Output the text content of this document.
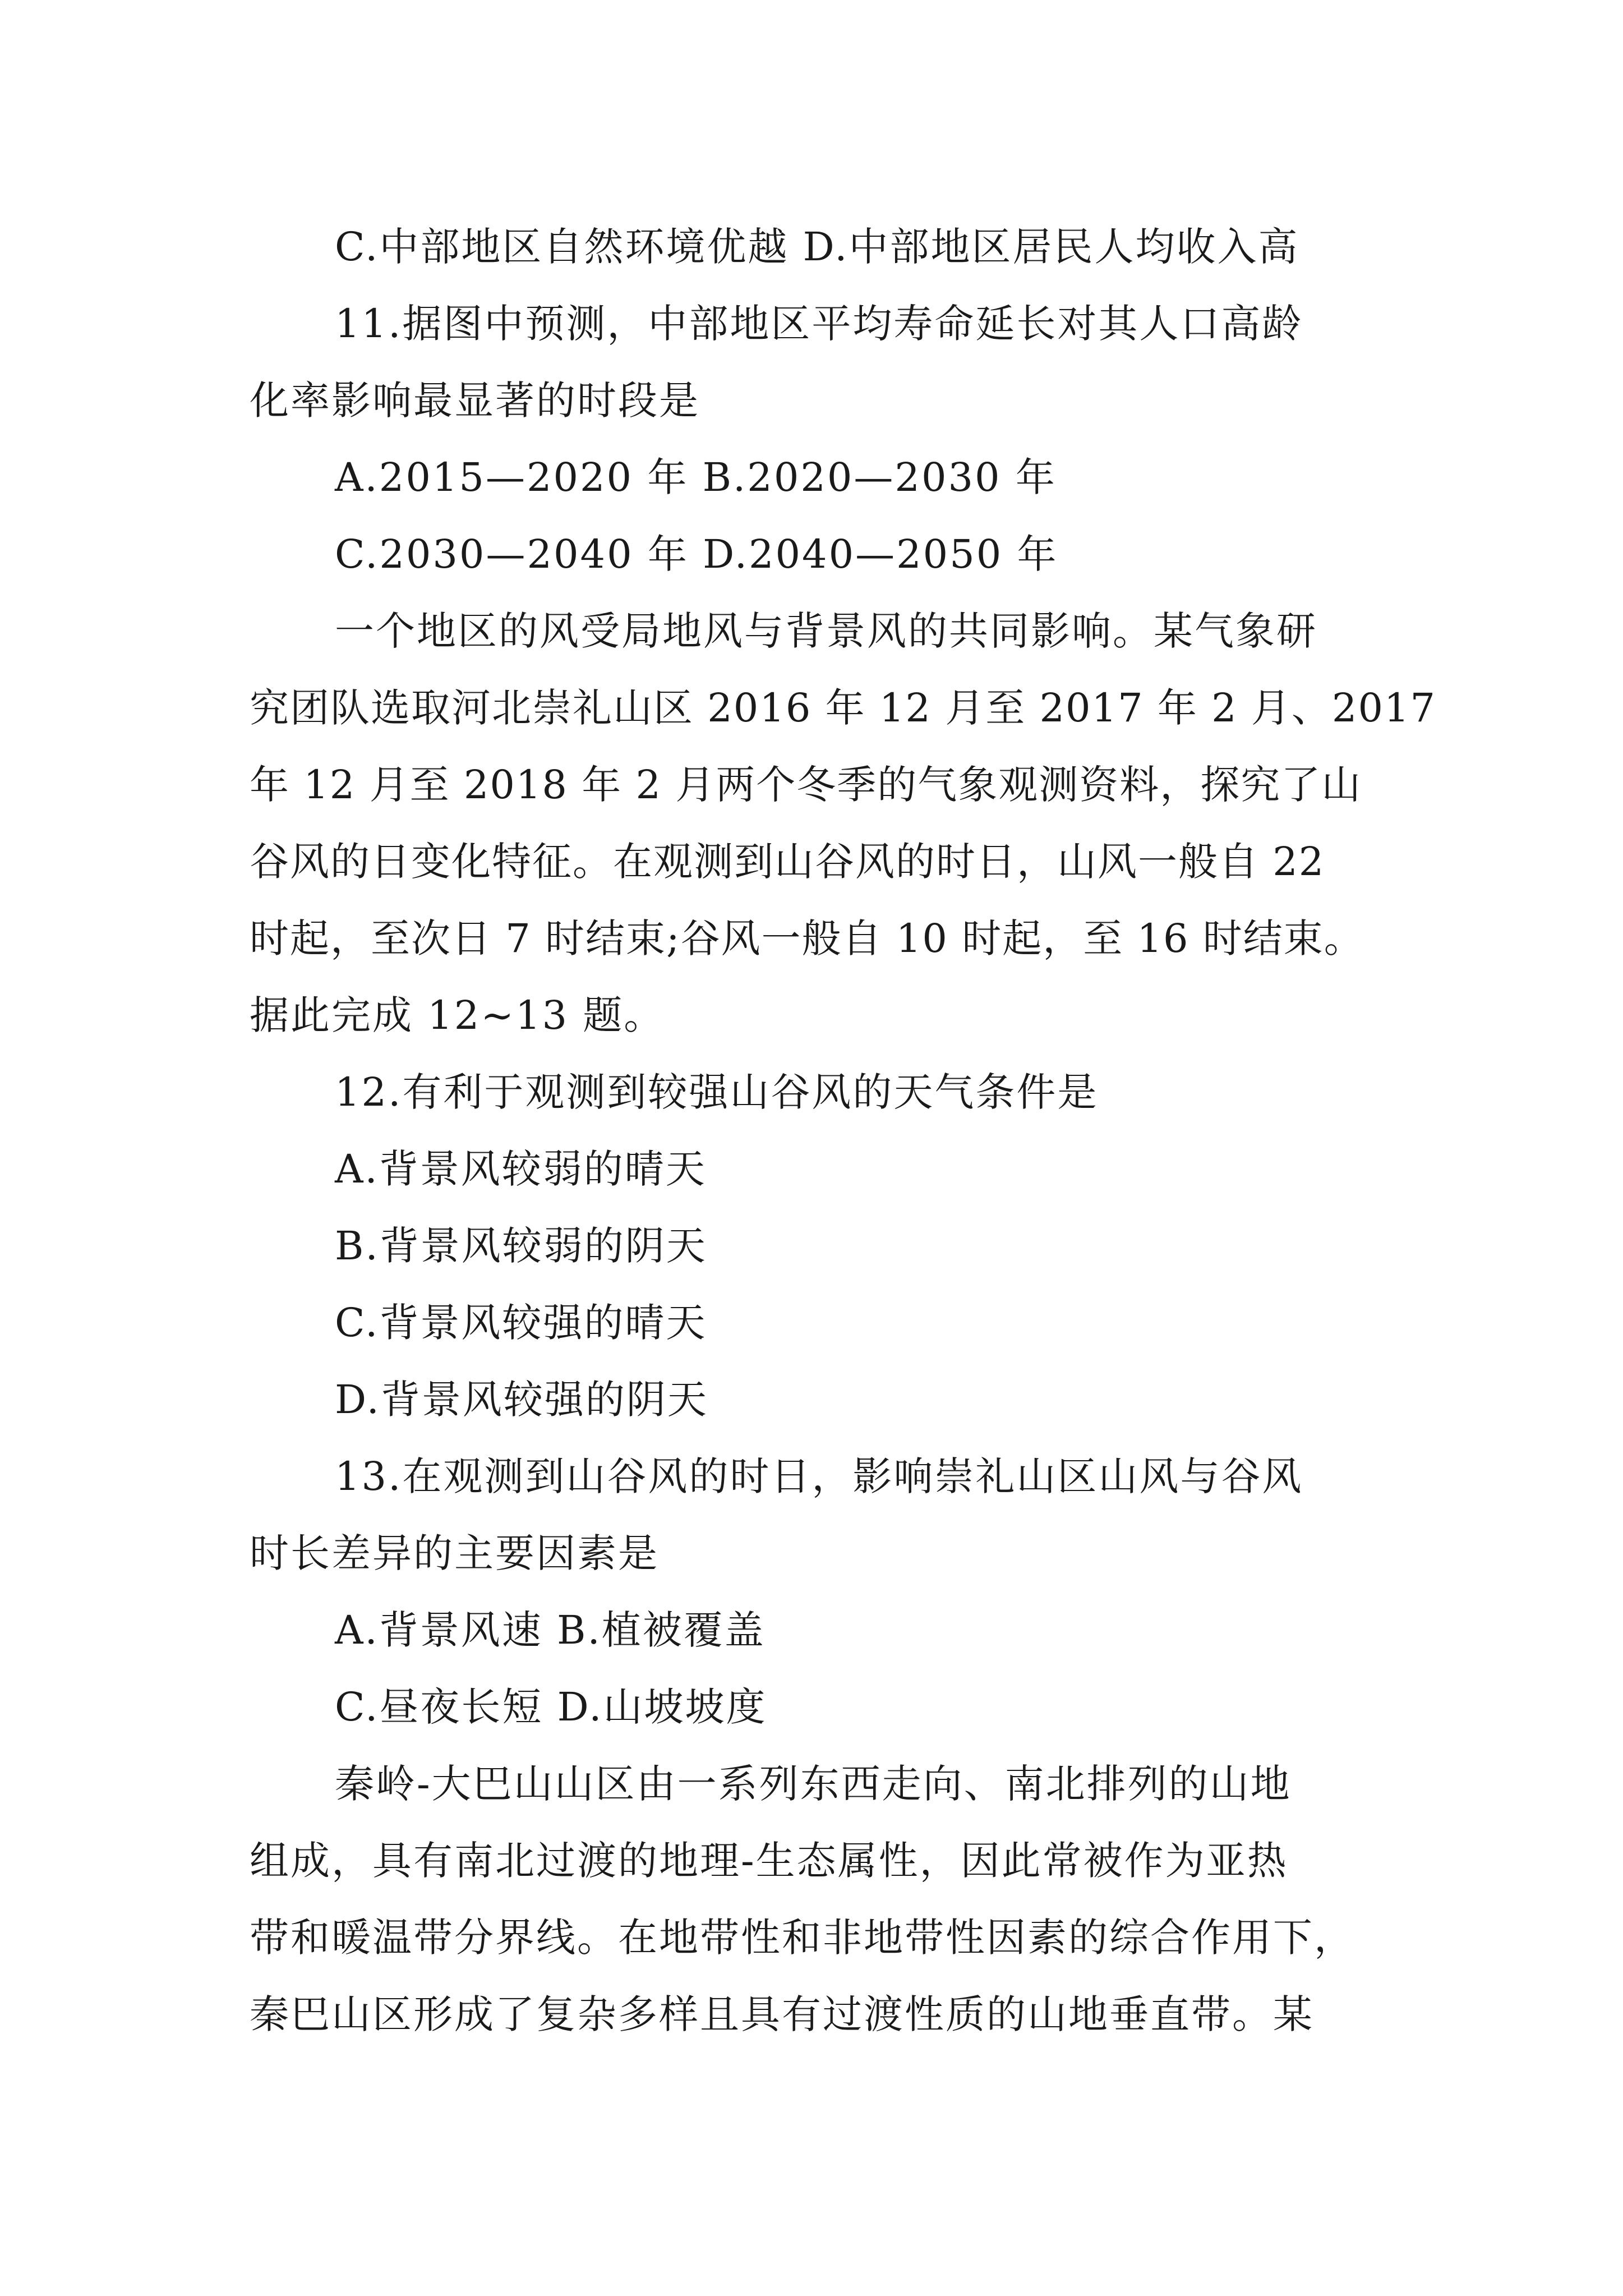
C.中部地区自然环境优越 D.中部地区居民人均收入高
11.据图中预测，中部地区平均寿命延长对其人口高龄
化率影响最显著的时段是
A.2015—2020 年 B.2020—2030 年
C.2030—2040 年 D.2040—2050 年
一个地区的风受局地风与背景风的共同影响。某气象研
究团队选取河北崇礼山区 2016 年 12 月至 2017 年 2 月、2017
年 12 月至 2018 年 2 月两个冬季的气象观测资料，探究了山
谷风的日变化特征。在观测到山谷风的时日，山风一般自 22
时起，至次日 7 时结束;谷风一般自 10 时起，至 16 时结束。
据此完成 12~13 题。
12.有利于观测到较强山谷风的天气条件是
A.背景风较弱的晴天
B.背景风较弱的阴天
C.背景风较强的晴天
D.背景风较强的阴天
13.在观测到山谷风的时日，影响崇礼山区山风与谷风
时长差异的主要因素是
A.背景风速 B.植被覆盖
C.昼夜长短 D.山坡坡度
秦岭-大巴山山区由一系列东西走向、南北排列的山地
组成，具有南北过渡的地理-生态属性，因此常被作为亚热
带和暖温带分界线。在地带性和非地带性因素的综合作用下，
秦巴山区形成了复杂多样且具有过渡性质的山地垂直带。某
